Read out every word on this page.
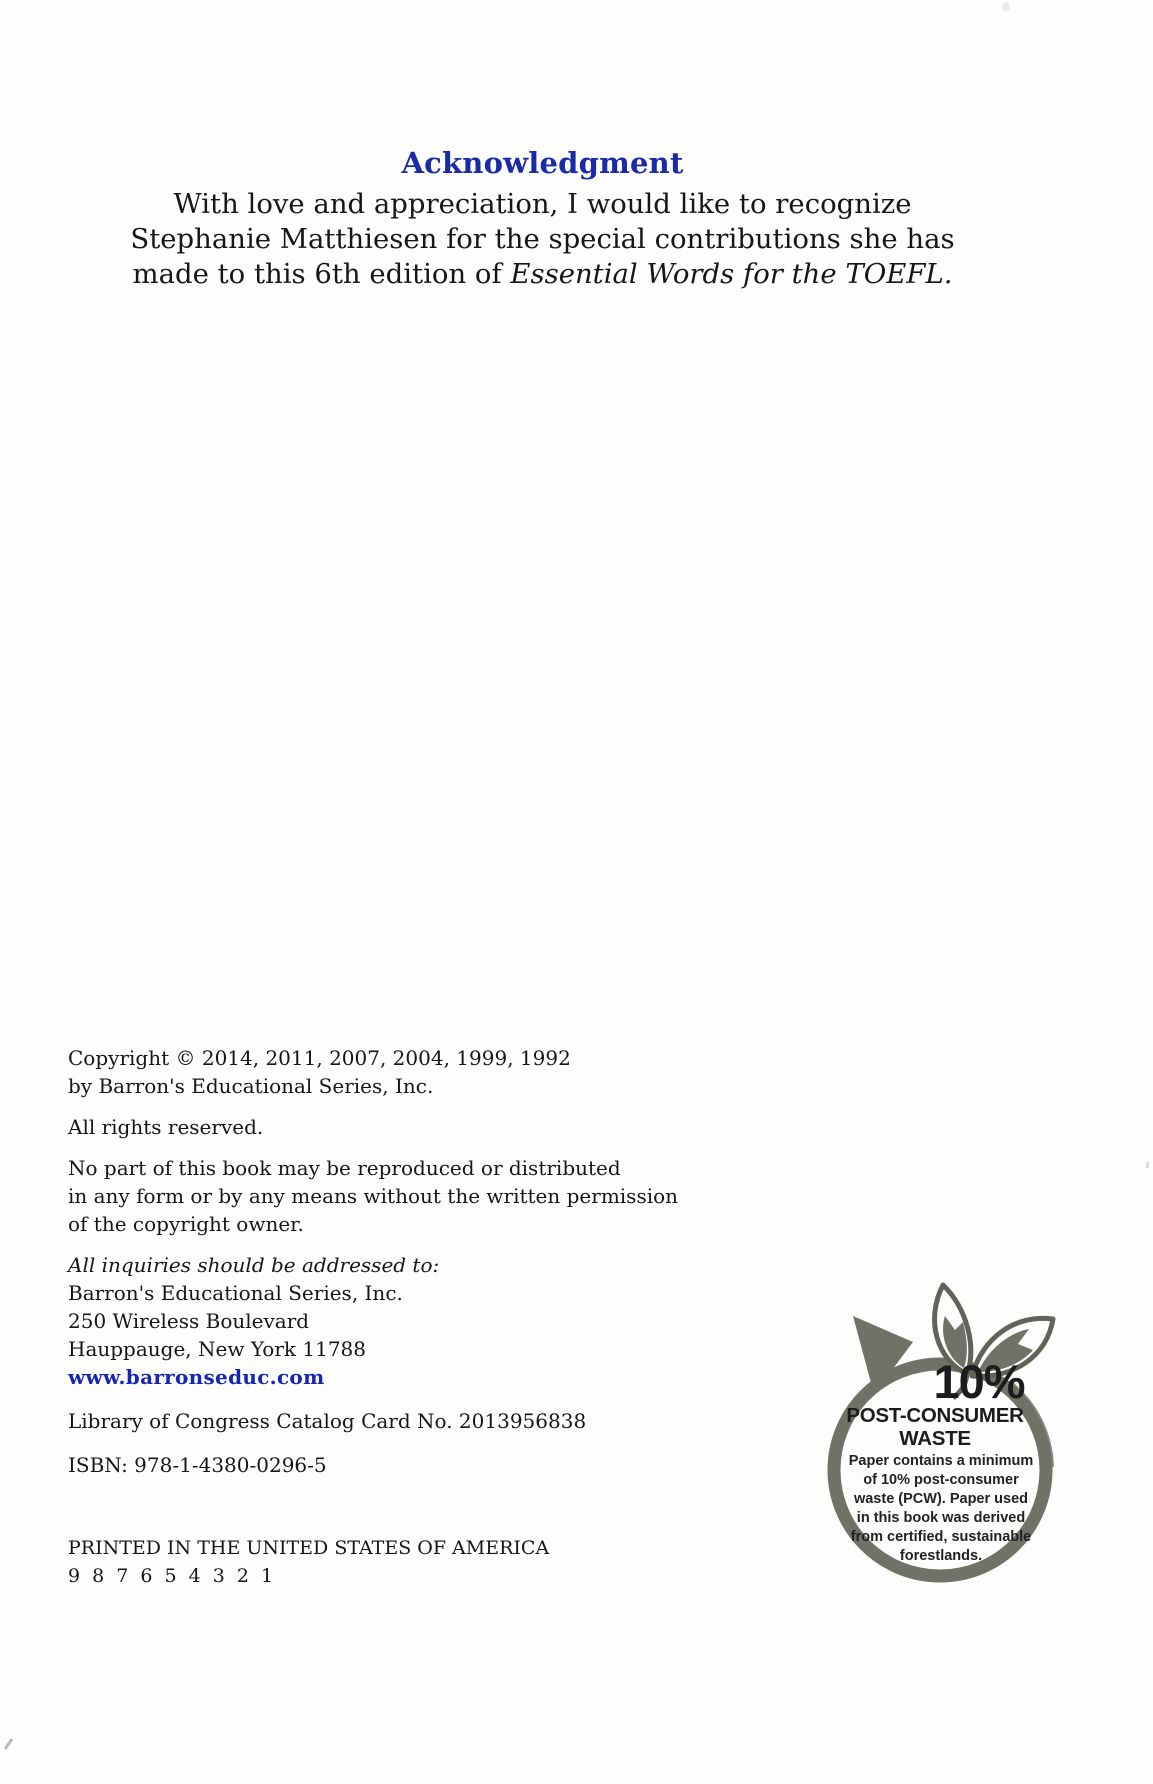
Acknowledgment
With love and appreciation, I would like to recognize
Stephanie Matthiesen for the special contributions she has
made to this 6th edition of Essential Words for the TOEFL.

Copyright © 2014, 2011, 2007, 2004, 1999, 1992

by Barron's Educational Series, Inc.

All rights reserved.

No part of this book may be reproduced or distributed

in any form or by any means without the written permission

of the copyright owner.

All inquiries should be addressed to:

Barron's Educational Series, Inc.

250 Wireless Boulevard

Hauppauge, New York 11788

www.barronseduc.com

Library of Congress Catalog Card No. 2013956838

ISBN: 978-1-4380-0296-5

PRINTED IN THE UNITED STATES OF AMERICA

9 8 7 6 5 4 3 2 1

10%
POST-CONSUMER
WASTE
Paper contains a minimum
of 10% post-consumer
waste (PCW). Paper used
in this book was derived
from certified, sustainable
forestlands.
